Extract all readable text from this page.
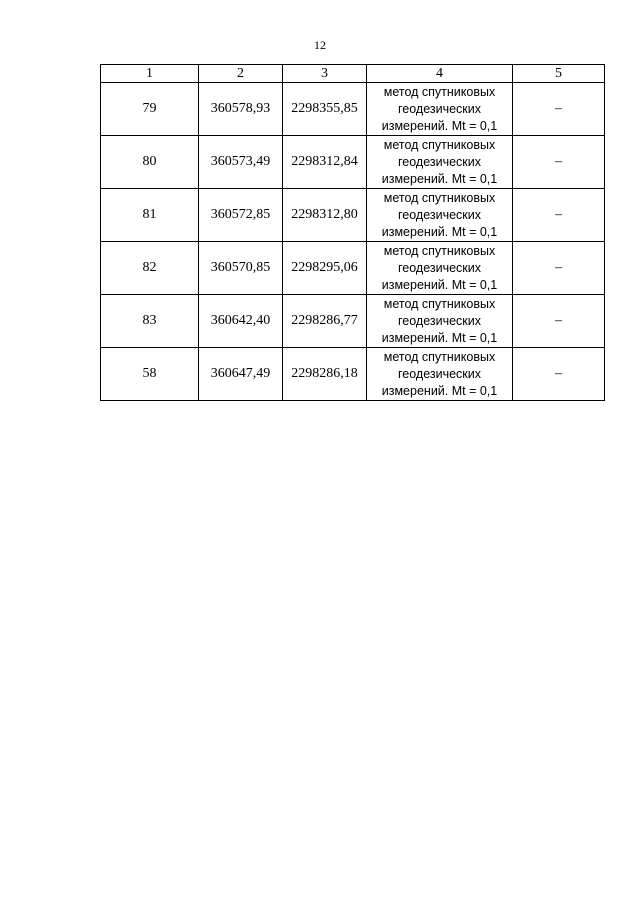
12
1	2	3	4	5
79	360578,93	2298355,85	метод спутниковых
геодезических
измерений. Mt = 0,1	–
80	360573,49	2298312,84	метод спутниковых
геодезических
измерений. Mt = 0,1	–
81	360572,85	2298312,80	метод спутниковых
геодезических
измерений. Mt = 0,1	–
82	360570,85	2298295,06	метод спутниковых
геодезических
измерений. Mt = 0,1	–
83	360642,40	2298286,77	метод спутниковых
геодезических
измерений. Mt = 0,1	–
58	360647,49	2298286,18	метод спутниковых
геодезических
измерений. Mt = 0,1	–
